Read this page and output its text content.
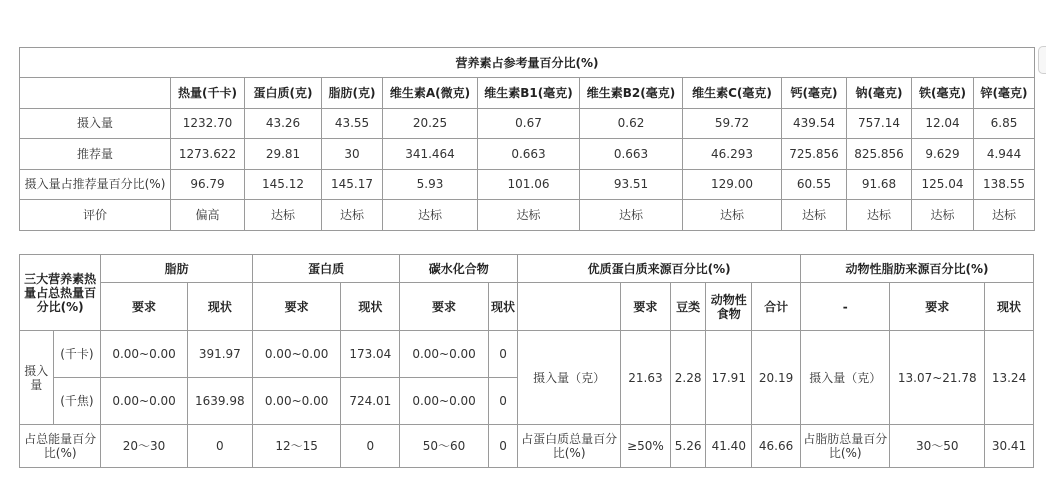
营养素占参考量百分比(%)											
	热量(千卡)	蛋白质(克)	脂肪(克)	维生素A(微克)	维生素B1(毫克)	维生素B2(毫克)	维生素C(毫克)	钙(毫克)	钠(毫克)	铁(毫克)	锌(毫克)
摄入量	1232.70	43.26	43.55	20.25	0.67	0.62	59.72	439.54	757.14	12.04	6.85
推荐量	1273.622	29.81	30	341.464	0.663	0.663	46.293	725.856	825.856	9.629	4.944
摄入量占推荐量百分比(%)	96.79	145.12	145.17	5.93	101.06	93.51	129.00	60.55	91.68	125.04	138.55
评价	偏高	达标	达标	达标	达标	达标	达标	达标	达标	达标	达标
三大营养素热量占总热量百分比(%)		脂肪		蛋白质		碳水化合物		优质蛋白质来源百分比(%)					动物性脂肪来源百分比(%)		
		要求	现状	要求	现状	要求	现状		要求	豆类	动物性食物	合计	-	要求	现状
摄入量	(千卡)	0.00~0.00	391.97	0.00~0.00	173.04	0.00~0.00	0	摄入量（克）	21.63	2.28	17.91	20.19	摄入量（克）	13.07~21.78	13.24
	(千焦)	0.00~0.00	1639.98	0.00~0.00	724.01	0.00~0.00	0								
占总能量百分比(%)		20～30	0	12～15	0	50～60	0	占蛋白质总量百分比(%)	≥50%	5.26	41.40	46.66	占脂肪总量百分比(%)	30～50	30.41
